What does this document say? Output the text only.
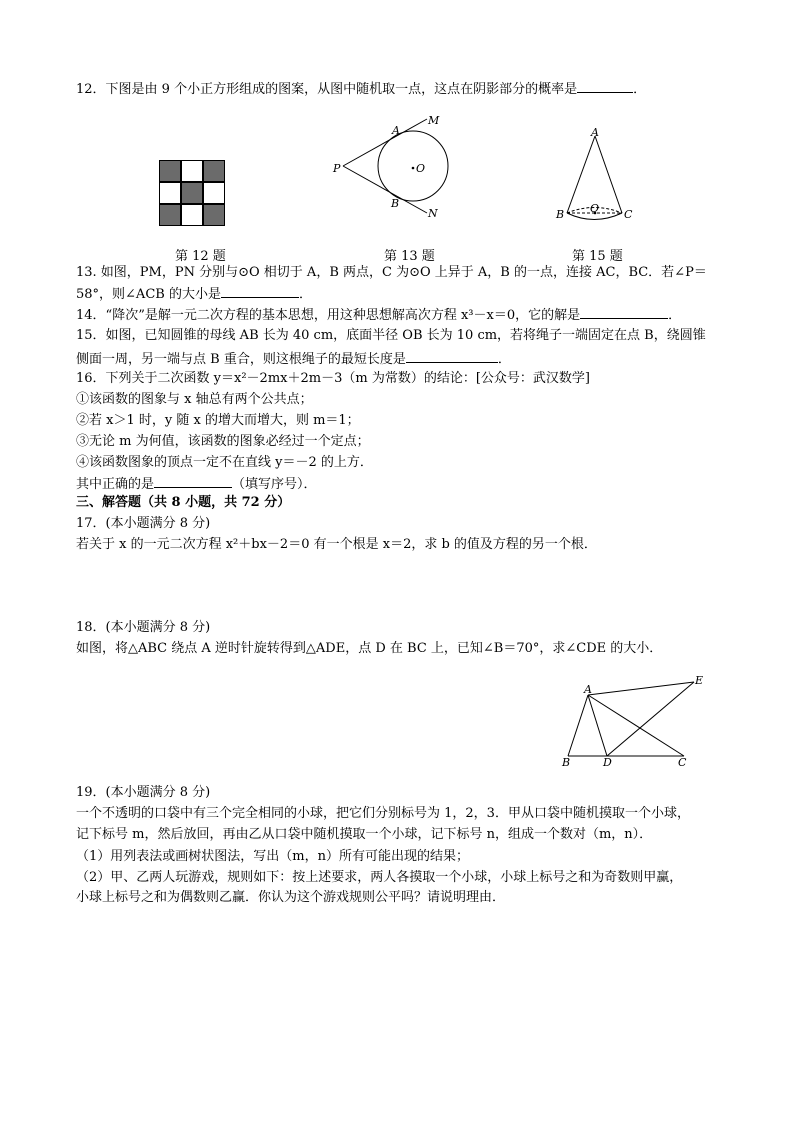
12．下图是由 9 个小正方形组成的图案，从图中随机取一点，这点在阴影部分的概率是	．
A
M
P	O
B
N
A
B O C
第 12 题	第 13 题	第 15 题
13. 如图，PM，PN 分别与⊙O 相切于 A，B 两点，C 为⊙O 上异于 A，B 的一点，连接 AC，BC．若∠P＝
58°，则∠ACB 的大小是	．
14．“降次”是解一元二次方程的基本思想，用这种思想解高次方程 x³－x＝0，它的解是	．
15．如图，已知圆锥的母线 AB 长为 40 cm，底面半径 OB 长为 10 cm，若将绳子一端固定在点 B，绕圆锥
侧面一周，另一端与点 B 重合，则这根绳子的最短长度是	．
16．下列关于二次函数 y＝x²－2mx＋2m－3（m 为常数）的结论：[公众号：武汉数学]
①该函数的图象与 x 轴总有两个公共点；
②若 x＞1 时，y 随 x 的增大而增大，则 m＝1；
③无论 m 为何值，该函数的图象必经过一个定点；
④该函数图象的顶点一定不在直线 y＝－2 的上方．
其中正确的是	（填写序号）．
三、解答题（共 8 小题，共 72 分）
17．(本小题满分 8 分)
若关于 x 的一元二次方程 x²＋bx－2＝0 有一个根是 x＝2，求 b 的值及方程的另一个根．
18．(本小题满分 8 分)
如图，将△ABC 绕点 A 逆时针旋转得到△ADE，点 D 在 BC 上，已知∠B＝70°，求∠CDE 的大小．
A
E
B	D	C
19．(本小题满分 8 分)
一个不透明的口袋中有三个完全相同的小球，把它们分别标号为 1，2，3．甲从口袋中随机摸取一个小球，
记下标号 m，然后放回，再由乙从口袋中随机摸取一个小球，记下标号 n，组成一个数对（m，n）．
（1）用列表法或画树状图法，写出（m，n）所有可能出现的结果；
（2）甲、乙两人玩游戏，规则如下：按上述要求，两人各摸取一个小球，小球上标号之和为奇数则甲赢，
小球上标号之和为偶数则乙赢．你认为这个游戏规则公平吗？请说明理由．
